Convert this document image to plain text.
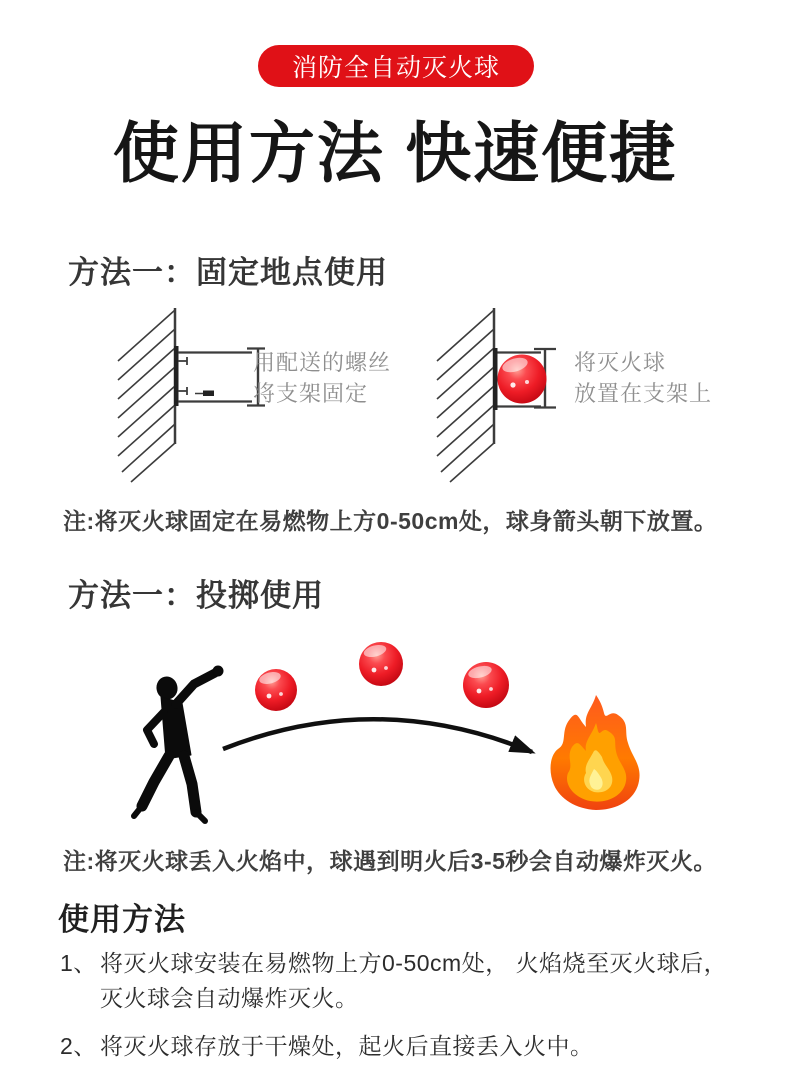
消防全自动灭火球
使用方法 快速便捷
方法一：固定地点使用
用配送的螺丝
将支架固定
将灭火球
放置在支架上

注:将灭火球固定在易燃物上方0-50cm处，球身箭头朝下放置。

方法一：投掷使用

注:将灭火球丢入火焰中，球遇到明火后3-5秒会自动爆炸灭火。

使用方法
1、 将灭火球安装在易燃物上方0-50cm处， 火焰烧至灭火球后，
灭火球会自动爆炸灭火。
2、 将灭火球存放于干燥处，起火后直接丢入火中。
